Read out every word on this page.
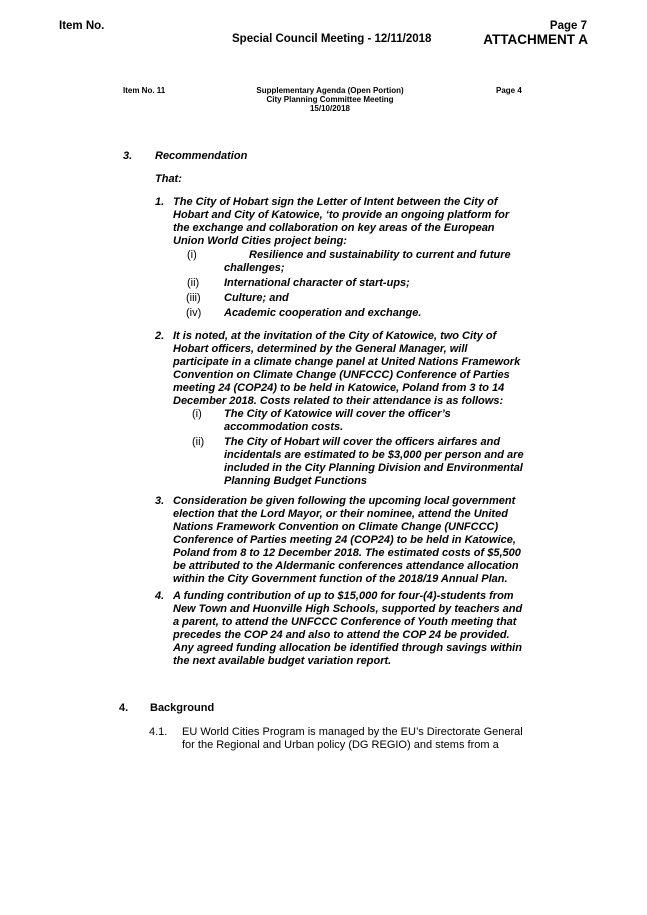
Item No.	Page 7
Special Council Meeting - 12/11/2018	ATTACHMENT A
Item No. 11	Supplementary Agenda (Open Portion)
City Planning Committee Meeting
15/10/2018
Page 4
3. Recommendation
That:
1. The City of Hobart sign the Letter of Intent between the City of
Hobart and City of Katowice, ‘to provide an ongoing platform for
the exchange and collaboration on key areas of the European
Union World Cities project being:
(i)	Resilience and sustainability to current and future
challenges;
(ii) International character of start-ups;
(iii) Culture; and
(iv) Academic cooperation and exchange.
2. It is noted, at the invitation of the City of Katowice, two City of
Hobart officers, determined by the General Manager, will
participate in a climate change panel at United Nations Framework
Convention on Climate Change (UNFCCC) Conference of Parties
meeting 24 (COP24) to be held in Katowice, Poland from 3 to 14
December 2018. Costs related to their attendance is as follows:
(i) The City of Katowice will cover the officer’s
accommodation costs.
(ii) The City of Hobart will cover the officers airfares and
incidentals are estimated to be $3,000 per person and are
included in the City Planning Division and Environmental
Planning Budget Functions
3. Consideration be given following the upcoming local government
election that the Lord Mayor, or their nominee, attend the United
Nations Framework Convention on Climate Change (UNFCCC)
Conference of Parties meeting 24 (COP24) to be held in Katowice,
Poland from 8 to 12 December 2018. The estimated costs of $5,500
be attributed to the Aldermanic conferences attendance allocation
within the City Government function of the 2018/19 Annual Plan.
4. A funding contribution of up to $15,000 for four-(4)-students from
New Town and Huonville High Schools, supported by teachers and
a parent, to attend the UNFCCC Conference of Youth meeting that
precedes the COP 24 and also to attend the COP 24 be provided.
Any agreed funding allocation be identified through savings within
the next available budget variation report.
4. Background
4.1. EU World Cities Program is managed by the EU’s Directorate General
for the Regional and Urban policy (DG REGIO) and stems from a
